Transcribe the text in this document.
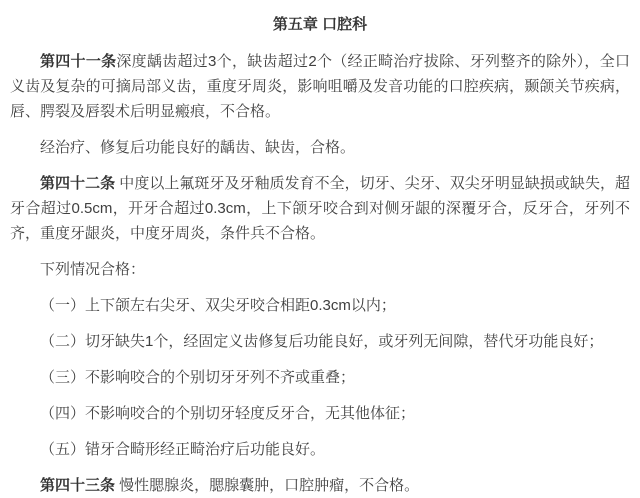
第五章 口腔科

第四十一条深度龋齿超过3个，缺齿超过2个（经正畸治疗拔除、牙列整齐的除外），全口义齿及复杂的可摘局部义齿，重度牙周炎，影响咀嚼及发音功能的口腔疾病，颞颌关节疾病，唇、腭裂及唇裂术后明显瘢痕，不合格。

经治疗、修复后功能良好的龋齿、缺齿，合格。

第四十二条 中度以上氟斑牙及牙釉质发育不全，切牙、尖牙、双尖牙明显缺损或缺失，超牙合超过0.5cm，开牙合超过0.3cm，上下颌牙咬合到对侧牙龈的深覆牙合，反牙合，牙列不齐，重度牙龈炎，中度牙周炎，条件兵不合格。

下列情况合格：

（一）上下颌左右尖牙、双尖牙咬合相距0.3cm以内；

（二）切牙缺失1个，经固定义齿修复后功能良好，或牙列无间隙，替代牙功能良好；

（三）不影响咬合的个别切牙牙列不齐或重叠；

（四）不影响咬合的个别切牙轻度反牙合，无其他体征；

（五）错牙合畸形经正畸治疗后功能良好。

第四十三条 慢性腮腺炎，腮腺囊肿，口腔肿瘤，不合格。
